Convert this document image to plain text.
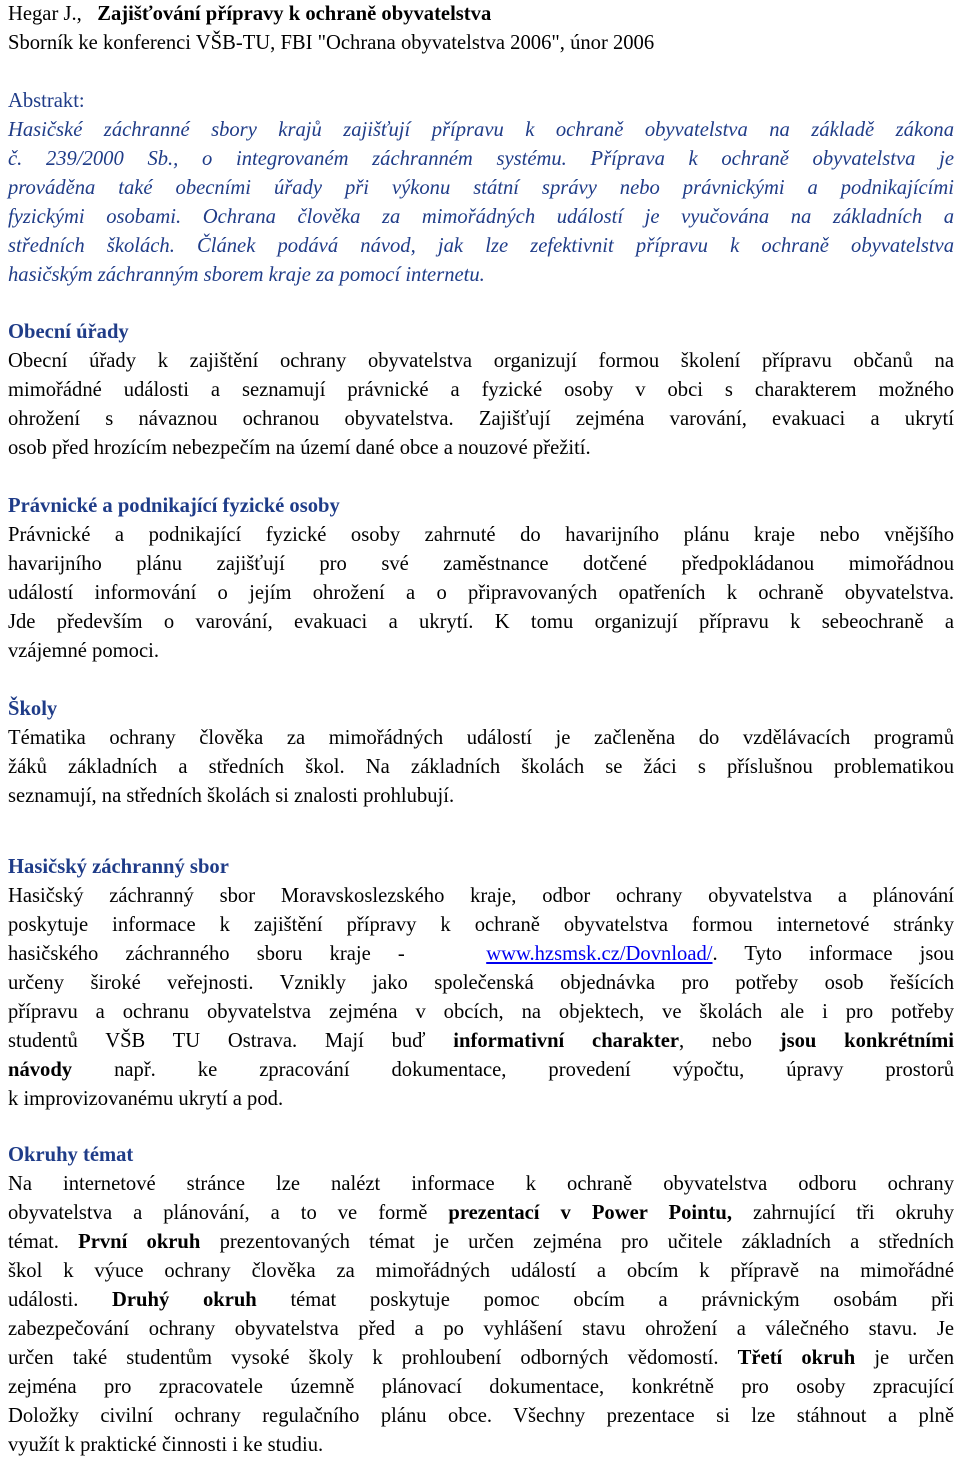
Hegar J., Zajišťování přípravy k ochraně obyvatelstva
Sborník ke konferenci VŠB-TU, FBI "Ochrana obyvatelstva 2006", únor 2006
Abstrakt:
Hasičské záchranné sbory krajů zajišťují přípravu k ochraně obyvatelstva na základě zákona
č. 239/2000 Sb., o integrovaném záchranném systému. Příprava k ochraně obyvatelstva je
prováděna také obecními úřady při výkonu státní správy nebo právnickými a podnikajícími
fyzickými osobami. Ochrana člověka za mimořádných událostí je vyučována na základních a
středních školách. Článek podává návod, jak lze zefektivnit přípravu k ochraně obyvatelstva
hasičským záchranným sborem kraje za pomocí internetu.
Obecní úřady
Obecní úřady k zajištění ochrany obyvatelstva organizují formou školení přípravu občanů na
mimořádné události a seznamují právnické a fyzické osoby v obci s charakterem možného
ohrožení s návaznou ochranou obyvatelstva. Zajišťují zejména varování, evakuaci a ukrytí
osob před hrozícím nebezpečím na území dané obce a nouzové přežití.
Právnické a podnikající fyzické osoby
Právnické a podnikající fyzické osoby zahrnuté do havarijního plánu kraje nebo vnějšího
havarijního plánu zajišťují pro své zaměstnance dotčené předpokládanou mimořádnou
událostí informování o jejím ohrožení a o připravovaných opatřeních k ochraně obyvatelstva.
Jde především o varování, evakuaci a ukrytí. K tomu organizují přípravu k sebeochraně a
vzájemné pomoci.
Školy
Tématika ochrany člověka za mimořádných událostí je začleněna do vzdělávacích programů
žáků základních a středních škol. Na základních školách se žáci s příslušnou problematikou
seznamují, na středních školách si znalosti prohlubují.
Hasičský záchranný sbor
Hasičský záchranný sbor Moravskoslezského kraje, odbor ochrany obyvatelstva a plánování
poskytuje informace k zajištění přípravy k ochraně obyvatelstva formou internetové stránky
hasičského záchranného sboru kraje -	www.hzsmsk.cz/Dovnload/. Tyto informace jsou
určeny široké veřejnosti. Vznikly jako společenská objednávka pro potřeby osob řešících
přípravu a ochranu obyvatelstva zejména v obcích, na objektech, ve školách ale i pro potřeby
studentů VŠB TU Ostrava. Mají buď informativní charakter, nebo jsou konkrétními
návody např. ke zpracování dokumentace, provedení výpočtu, úpravy prostorů
k improvizovanému ukrytí a pod.
Okruhy témat
Na internetové stránce lze nalézt informace k ochraně obyvatelstva odboru ochrany
obyvatelstva a plánování, a to ve formě prezentací v Power Pointu, zahrnující tři okruhy
témat. První okruh prezentovaných témat je určen zejména pro učitele základních a středních
škol k výuce ochrany člověka za mimořádných událostí a obcím k přípravě na mimořádné
události. Druhý okruh témat poskytuje pomoc obcím a právnickým osobám při
zabezpečování ochrany obyvatelstva před a po vyhlášení stavu ohrožení a válečného stavu. Je
určen také studentům vysoké školy k prohloubení odborných vědomostí. Třetí okruh je určen
zejména pro zpracovatele územně plánovací dokumentace, konkrétně pro osoby zpracující
Doložky civilní ochrany regulačního plánu obce. Všechny prezentace si lze stáhnout a plně
využít k praktické činnosti i ke studiu.
